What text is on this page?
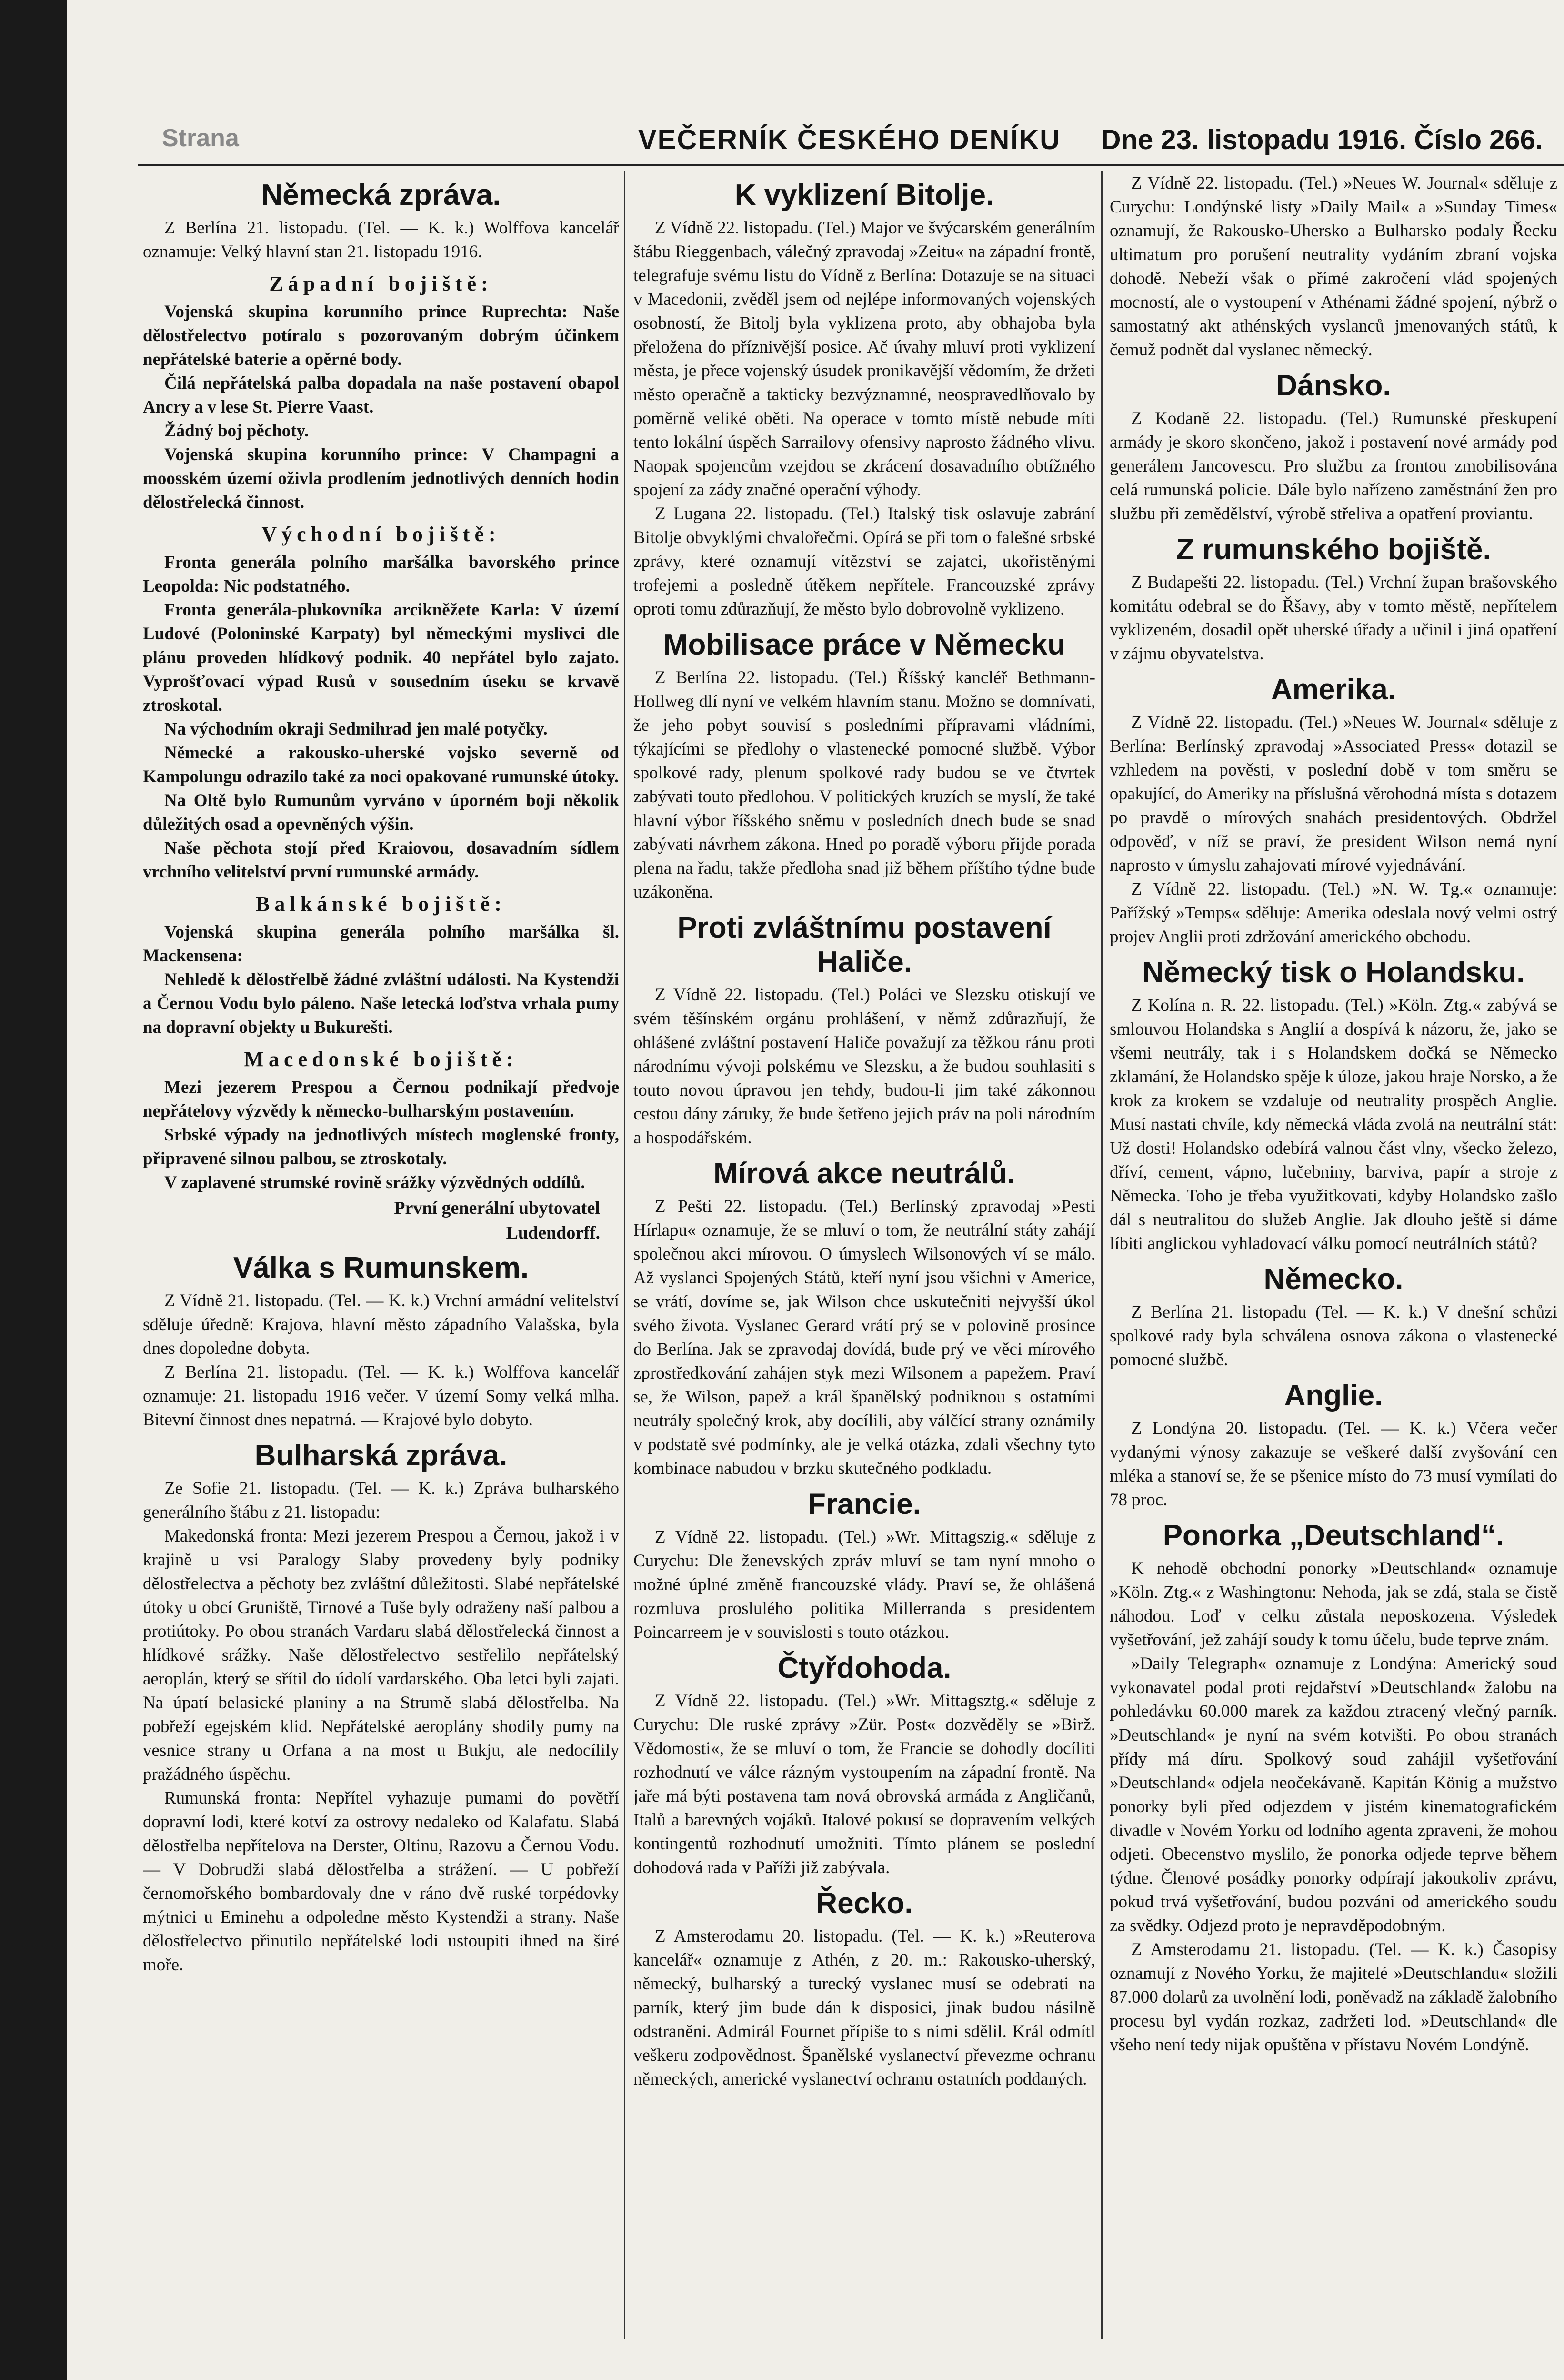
Strana	VEČERNÍK ČESKÉHO DENÍKU Dne 23. listopadu 1916. Číslo 266.
Německá zpráva.

Z Berlína 21. listopadu. (Tel. — K. k.) Wolffova kancelář oznamuje: Velký hlavní stan 21. listopadu 1916.

Západní bojiště:

Vojenská skupina korunního prince Ruprechta: Naše dělostřelectvo potíralo s pozorovaným dobrým účinkem nepřátelské baterie a opěrné body.

Čilá nepřátelská palba dopadala na naše postavení obapol Ancry a v lese St. Pierre Vaast.

Žádný boj pěchoty.

Vojenská skupina korunního prince: V Champagni a moosském území oživla prodlením jednotlivých denních hodin dělostřelecká činnost.

Východní bojiště:

Fronta generála polního maršálka bavorského prince Leopolda: Nic podstatného.

Fronta generála-plukovníka arcikněžete Karla: V území Ludové (Poloninské Karpaty) byl německými myslivci dle plánu proveden hlídkový podnik. 40 nepřátel bylo zajato. Vyprošťovací výpad Rusů v sousedním úseku se krvavě ztroskotal.

Na východním okraji Sedmihrad jen malé potyčky.

Německé a rakousko-uherské vojsko severně od Kampolungu odrazilo také za noci opakované rumunské útoky.

Na Oltě bylo Rumunům vyrváno v úporném boji několik důležitých osad a opevněných výšin.

Naše pěchota stojí před Kraiovou, dosavadním sídlem vrchního velitelství první rumunské armády.

Balkánské bojiště:

Vojenská skupina generála polního maršálka šl. Mackensena:

Nehledě k dělostřelbě žádné zvláštní události. Na Kystendži a Černou Vodu bylo páleno. Naše letecká loďstva vrhala pumy na dopravní objekty u Bukurešti.

Macedonské bojiště:

Mezi jezerem Prespou a Černou podnikají předvoje nepřátelovy výzvědy k německo-bulharským postavením.

Srbské výpady na jednotlivých místech moglenské fronty, připravené silnou palbou, se ztroskotaly.

V zaplavené strumské rovině srážky výzvědných oddílů.

První generální ubytovatel

Ludendorff.

Válka s Rumunskem.

Z Vídně 21. listopadu. (Tel. — K. k.) Vrchní armádní velitelství sděluje úředně: Krajova, hlavní město západního Valašska, byla dnes dopoledne dobyta.

Z Berlína 21. listopadu. (Tel. — K. k.) Wolffova kancelář oznamuje: 21. listopadu 1916 večer. V území Somy velká mlha. Bitevní činnost dnes nepatrná. — Krajové bylo dobyto.

Bulharská zpráva.

Ze Sofie 21. listopadu. (Tel. — K. k.) Zpráva bulharského generálního štábu z 21. listopadu:

Makedonská fronta: Mezi jezerem Prespou a Černou, jakož i v krajině u vsi Paralogy Slaby provedeny byly podniky dělostřelectva a pěchoty bez zvláštní důležitosti. Slabé nepřátelské útoky u obcí Gruniště, Tirnové a Tuše byly odraženy naší palbou a protiútoky. Po obou stranách Vardaru slabá dělostřelecká činnost a hlídkové srážky. Naše dělostřelectvo sestřelilo nepřátelský aeroplán, který se sřítil do údolí vardarského. Oba letci byli zajati. Na úpatí belasické planiny a na Strumě slabá dělostřelba. Na pobřeží egejském klid. Nepřátelské aeroplány shodily pumy na vesnice strany u Orfana a na most u Bukju, ale nedocílily pražádného úspěchu.

Rumunská fronta: Nepřítel vyhazuje pumami do povětří dopravní lodi, které kotví za ostrovy nedaleko od Kalafatu. Slabá dělostřelba nepřítelova na Derster, Oltinu, Razovu a Černou Vodu. — V Dobrudži slabá dělostřelba a strážení. — U pobřeží černomořského bombardovaly dne v ráno dvě ruské torpédovky mýtnici u Eminehu a odpoledne město Kystendži a strany. Naše dělostřelectvo přinutilo nepřátelské lodi ustoupiti ihned na širé moře.

K vyklizení Bitolje.

Z Vídně 22. listopadu. (Tel.) Major ve švýcarském generálním štábu Rieggenbach, válečný zpravodaj »Zeitu« na západní frontě, telegrafuje svému listu do Vídně z Berlína: Dotazuje se na situaci v Macedonii, zvěděl jsem od nejlépe informovaných vojenských osobností, že Bitolj byla vyklizena proto, aby obhajoba byla přeložena do příznivější posice. Ač úvahy mluví proti vyklizení města, je přece vojenský úsudek pronikavější vědomím, že držeti město operačně a takticky bezvýznamné, neospravedlňovalo by poměrně veliké oběti. Na operace v tomto místě nebude míti tento lokální úspěch Sarrailovy ofensivy naprosto žádného vlivu. Naopak spojencům vzejdou se zkrácení dosavadního obtížného spojení za zády značné operační výhody.

Z Lugana 22. listopadu. (Tel.) Italský tisk oslavuje zabrání Bitolje obvyklými chvalořečmi. Opírá se při tom o falešné srbské zprávy, které oznamují vítězství se zajatci, ukořistěnými trofejemi a posledně útěkem nepřítele. Francouzské zprávy oproti tomu zdůrazňují, že město bylo dobrovolně vyklizeno.

Mobilisace práce v Německu

Z Berlína 22. listopadu. (Tel.) Říšský kancléř Bethmann-Hollweg dlí nyní ve velkém hlavním stanu. Možno se domnívati, že jeho pobyt souvisí s posledními přípravami vládními, týkajícími se předlohy o vlastenecké pomocné službě. Výbor spolkové rady, plenum spolkové rady budou se ve čtvrtek zabývati touto předlohou. V politických kruzích se myslí, že také hlavní výbor říšského sněmu v posledních dnech bude se snad zabývati návrhem zákona. Hned po poradě výboru přijde porada plena na řadu, takže předloha snad již během příštího týdne bude uzákoněna.

Proti zvláštnímu postavení Haliče.

Z Vídně 22. listopadu. (Tel.) Poláci ve Slezsku otiskují ve svém těšínském orgánu prohlášení, v němž zdůrazňují, že ohlášené zvláštní postavení Haliče považují za těžkou ránu proti národnímu vývoji polskému ve Slezsku, a že budou souhlasiti s touto novou úpravou jen tehdy, budou-li jim také zákonnou cestou dány záruky, že bude šetřeno jejich práv na poli národním a hospodářském.

Mírová akce neutrálů.

Z Pešti 22. listopadu. (Tel.) Berlínský zpravodaj »Pesti Hírlapu« oznamuje, že se mluví o tom, že neutrální státy zahájí společnou akci mírovou. O úmyslech Wilsonových ví se málo. Až vyslanci Spojených Států, kteří nyní jsou všichni v Americe, se vrátí, dovíme se, jak Wilson chce uskutečniti nejvyšší úkol svého života. Vyslanec Gerard vrátí prý se v polovině prosince do Berlína. Jak se zpravodaj dovídá, bude prý ve věci mírového zprostředkování zahájen styk mezi Wilsonem a papežem. Praví se, že Wilson, papež a král španělský podniknou s ostatními neutrály společný krok, aby docílili, aby válčící strany oznámily v podstatě své podmínky, ale je velká otázka, zdali všechny tyto kombinace nabudou v brzku skutečného podkladu.

Francie.

Z Vídně 22. listopadu. (Tel.) »Wr. Mittagszig.« sděluje z Curychu: Dle ženevských zpráv mluví se tam nyní mnoho o možné úplné změně francouzské vlády. Praví se, že ohlášená rozmluva proslulého politika Millerranda s presidentem Poincarreem je v souvislosti s touto otázkou.

Čtyřdohoda.

Z Vídně 22. listopadu. (Tel.) »Wr. Mittagsztg.« sděluje z Curychu: Dle ruské zprávy »Zür. Post« dozvěděly se »Birž. Vědomosti«, že se mluví o tom, že Francie se dohodly docíliti rozhodnutí ve válce rázným vystoupením na západní frontě. Na jaře má býti postavena tam nová obrovská armáda z Angličanů, Italů a barevných vojáků. Italové pokusí se dopravením velkých kontingentů rozhodnutí umožniti. Tímto plánem se poslední dohodová rada v Paříži již zabývala.

Řecko.

Z Amsterodamu 20. listopadu. (Tel. — K. k.) »Reuterova kancelář« oznamuje z Athén, z 20. m.: Rakousko-uherský, německý, bulharský a turecký vyslanec musí se odebrati na parník, který jim bude dán k disposici, jinak budou násilně odstraněni. Admirál Fournet přípiše to s nimi sdělil. Král odmítl veškeru zodpovědnost. Španělské vyslanectví převezme ochranu německých, americké vyslanectví ochranu ostatních poddaných.

Z Vídně 22. listopadu. (Tel.) »Neues W. Journal« sděluje z Curychu: Londýnské listy »Daily Mail« a »Sunday Times« oznamují, že Rakousko-Uhersko a Bulharsko podaly Řecku ultimatum pro porušení neutrality vydáním zbraní vojska dohodě. Nebeží však o přímé zakročení vlád spojených mocností, ale o vystoupení v Athénami žádné spojení, nýbrž o samostatný akt athénských vyslanců jmenovaných států, k čemuž podnět dal vyslanec německý.

Dánsko.

Z Kodaně 22. listopadu. (Tel.) Rumunské přeskupení armády je skoro skončeno, jakož i postavení nové armády pod generálem Jancovescu. Pro službu za frontou zmobilisována celá rumunská policie. Dále bylo nařízeno zaměstnání žen pro službu při zemědělství, výrobě střeliva a opatření proviantu.

Z rumunského bojiště.

Z Budapešti 22. listopadu. (Tel.) Vrchní župan brašovského komitátu odebral se do Řšavy, aby v tomto městě, nepřítelem vyklizeném, dosadil opět uherské úřady a učinil i jiná opatření v zájmu obyvatelstva.

Amerika.

Z Vídně 22. listopadu. (Tel.) »Neues W. Journal« sděluje z Berlína: Berlínský zpravodaj »Associated Press« dotazil se vzhledem na pověsti, v poslední době v tom směru se opakující, do Ameriky na příslušná věrohodná místa s dotazem po pravdě o mírových snahách presidentových. Obdržel odpověď, v níž se praví, že president Wilson nemá nyní naprosto v úmyslu zahajovati mírové vyjednávání.

Z Vídně 22. listopadu. (Tel.) »N. W. Tg.« oznamuje: Pařížský »Temps« sděluje: Amerika odeslala nový velmi ostrý projev Anglii proti zdržování amerického obchodu.

Německý tisk o Holandsku.

Z Kolína n. R. 22. listopadu. (Tel.) »Köln. Ztg.« zabývá se smlouvou Holandska s Anglií a dospívá k názoru, že, jako se všemi neutrály, tak i s Holandskem dočká se Německo zklamání, že Holandsko spěje k úloze, jakou hraje Norsko, a že krok za krokem se vzdaluje od neutrality prospěch Anglie. Musí nastati chvíle, kdy německá vláda zvolá na neutrální stát: Už dosti! Holandsko odebírá valnou část vlny, všecko železo, dříví, cement, vápno, lučebniny, barviva, papír a stroje z Německa. Toho je třeba využitkovati, kdyby Holandsko zašlo dál s neutralitou do služeb Anglie. Jak dlouho ještě si dáme líbiti anglickou vyhladovací válku pomocí neutrálních států?

Německo.

Z Berlína 21. listopadu (Tel. — K. k.) V dnešní schůzi spolkové rady byla schválena osnova zákona o vlastenecké pomocné službě.

Anglie.

Z Londýna 20. listopadu. (Tel. — K. k.) Včera večer vydanými výnosy zakazuje se veškeré další zvyšování cen mléka a stanoví se, že se pšenice místo do 73 musí vymílati do 78 proc.

Ponorka „Deutschland“.

K nehodě obchodní ponorky »Deutschland« oznamuje »Köln. Ztg.« z Washingtonu: Nehoda, jak se zdá, stala se čistě náhodou. Loď v celku zůstala neposkozena. Výsledek vyšetřování, jež zahájí soudy k tomu účelu, bude teprve znám.

»Daily Telegraph« oznamuje z Londýna: Americký soud vykonavatel podal proti rejdařství »Deutschland« žalobu na pohledávku 60.000 marek za každou ztracený vlečný parník. »Deutschland« je nyní na svém kotvišti. Po obou stranách přídy má díru. Spolkový soud zahájil vyšetřování »Deutschland« odjela neočekávaně. Kapitán König a mužstvo ponorky byli před odjezdem v jistém kinematografickém divadle v Novém Yorku od lodního agenta zpraveni, že mohou odjeti. Obecenstvo myslilo, že ponorka odjede teprve během týdne. Členové posádky ponorky odpírají jakoukoliv zprávu, pokud trvá vyšetřování, budou pozváni od amerického soudu za svědky. Odjezd proto je nepravděpodobným.

Z Amsterodamu 21. listopadu. (Tel. — K. k.) Časopisy oznamují z Nového Yorku, že majitelé »Deutschlandu« složili 87.000 dolarů za uvolnění lodi, poněvadž na základě žalobního procesu byl vydán rozkaz, zadržeti lod. »Deutschland« dle všeho není tedy nijak opuštěna v přístavu Novém Londýně.
